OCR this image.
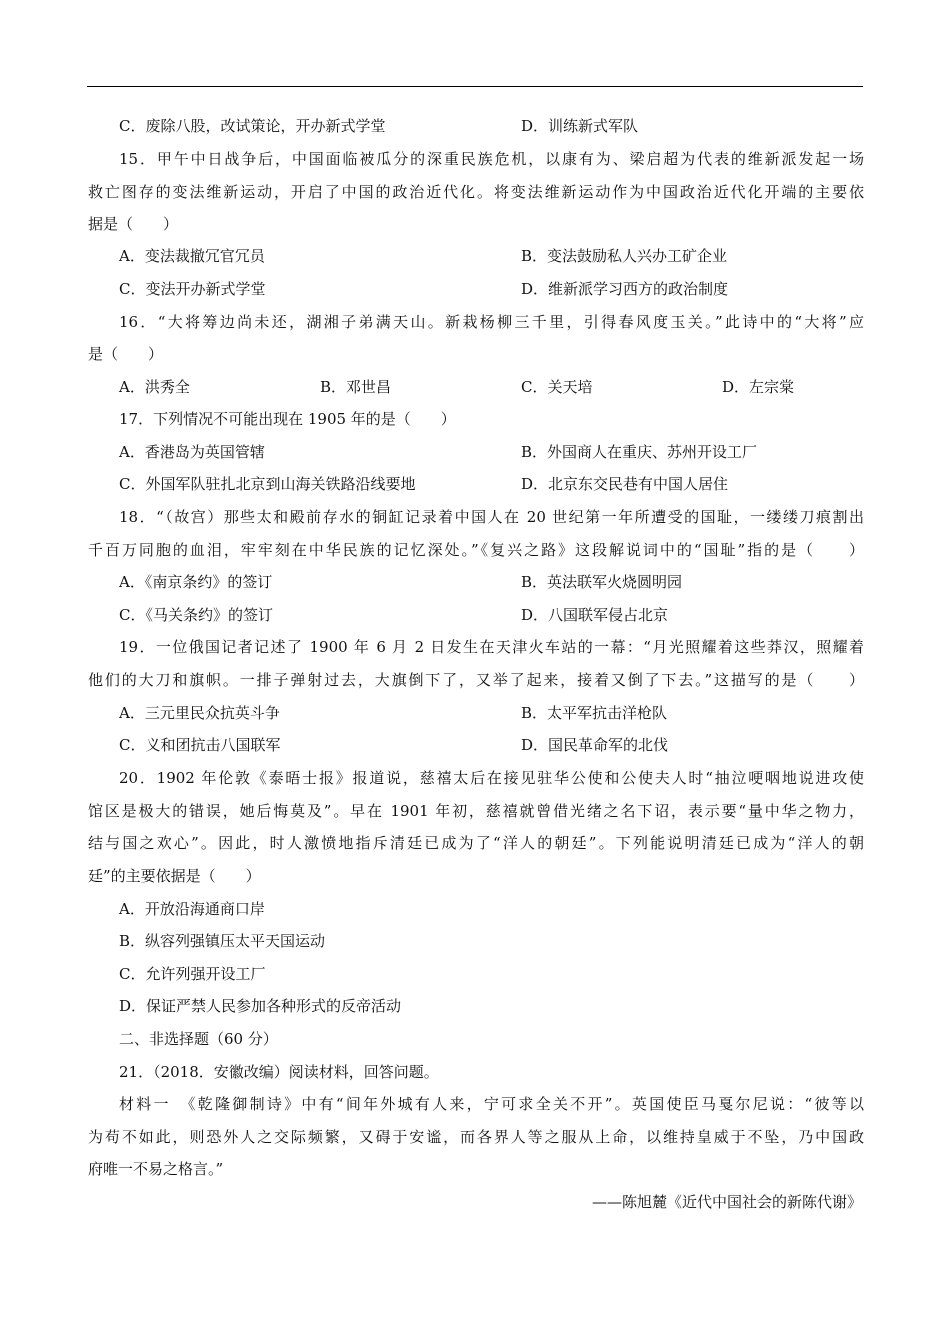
C．废除八股，改试策论，开办新式学堂	D．训练新式军队
15．甲午中日战争后，中国面临被瓜分的深重民族危机，以康有为、梁启超为代表的维新派发起一场
救亡图存的变法维新运动，开启了中国的政治近代化。将变法维新运动作为中国政治近代化开端的主要依
据是（　　）
A．变法裁撤冗官冗员	B．变法鼓励私人兴办工矿企业
C．变法开办新式学堂	D．维新派学习西方的政治制度
16．“大将筹边尚未还，湖湘子弟满天山。新栽杨柳三千里，引得春风度玉关。”此诗中的“大将”应
是（　　）
A．洪秀全	B．邓世昌	C．关天培	D．左宗棠
17．下列情况不可能出现在 1905 年的是（　　）
A．香港岛为英国管辖	B．外国商人在重庆、苏州开设工厂
C．外国军队驻扎北京到山海关铁路沿线要地	D．北京东交民巷有中国人居住
18．“（故宫）那些太和殿前存水的铜缸记录着中国人在 20 世纪第一年所遭受的国耻，一缕缕刀痕割出
千百万同胞的血泪，牢牢刻在中华民族的记忆深处。”《复兴之路》这段解说词中的“国耻”指的是（　　）
A．《南京条约》的签订	B．英法联军火烧圆明园
C．《马关条约》的签订	D．八国联军侵占北京
19．一位俄国记者记述了 1900 年 6 月 2 日发生在天津火车站的一幕：“月光照耀着这些莽汉，照耀着
他们的大刀和旗帜。一排子弹射过去，大旗倒下了，又举了起来，接着又倒了下去。”这描写的是（　　）
A．三元里民众抗英斗争	B．太平军抗击洋枪队
C．义和团抗击八国联军	D．国民革命军的北伐
20．1902 年伦敦《泰晤士报》报道说，慈禧太后在接见驻华公使和公使夫人时“抽泣哽咽地说进攻使
馆区是极大的错误，她后悔莫及”。早在 1901 年初，慈禧就曾借光绪之名下诏，表示要“量中华之物力，
结与国之欢心”。因此，时人激愤地指斥清廷已成为了“洋人的朝廷”。下列能说明清廷已成为“洋人的朝
廷”的主要依据是（　　）
A．开放沿海通商口岸
B．纵容列强镇压太平天国运动
C．允许列强开设工厂
D．保证严禁人民参加各种形式的反帝活动
二、非选择题（60 分）
21．（2018．安徽改编）阅读材料，回答问题。
材料一　《乾隆御制诗》中有“间年外城有人来，宁可求全关不开”。英国使臣马戛尔尼说：“彼等以
为苟不如此，则恐外人之交际频繁，又碍于安谧，而各界人等之服从上命，以维持皇威于不坠，乃中国政
府唯一不易之格言。”
——陈旭麓《近代中国社会的新陈代谢》
